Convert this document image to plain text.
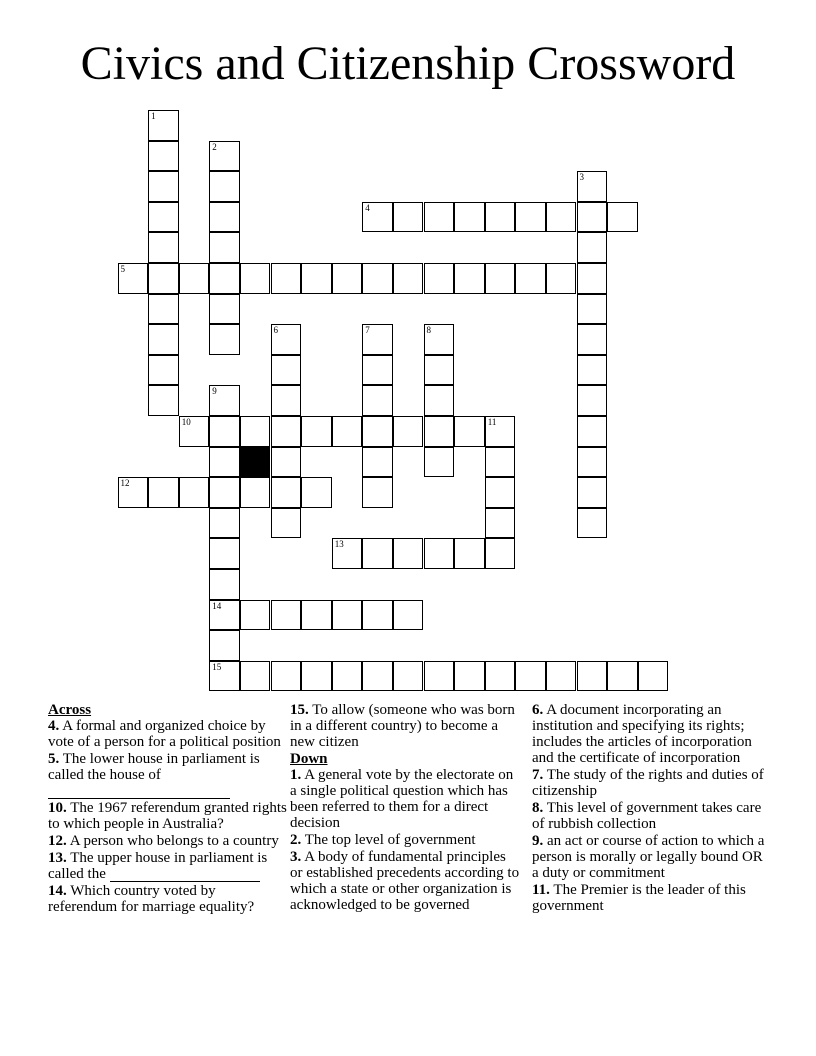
Civics and Citizenship Crossword
1
2
3
4
5
6	7	8
9
10	11
12
13
14
15
Across
4. A formal and organized choice by vote of a person for a political position
5. The lower house in parliament is called the house of

10. The 1967 referendum granted rights to which people in Australia?
12. A person who belongs to a country
13. The upper house in parliament is called the
14. Which country voted by referendum for marriage equality?
15. To allow (someone who was born in a different country) to become a new citizen
Down
1. A general vote by the electorate on a single political question which has been referred to them for a direct decision
2. The top level of government
3. A body of fundamental principles or established precedents according to which a state or other organization is acknowledged to be governed
6. A document incorporating an institution and specifying its rights; includes the articles of incorporation and the certificate of incorporation
7. The study of the rights and duties of citizenship
8. This level of government takes care of rubbish collection
9. an act or course of action to which a person is morally or legally bound OR a duty or commitment
11. The Premier is the leader of this government
